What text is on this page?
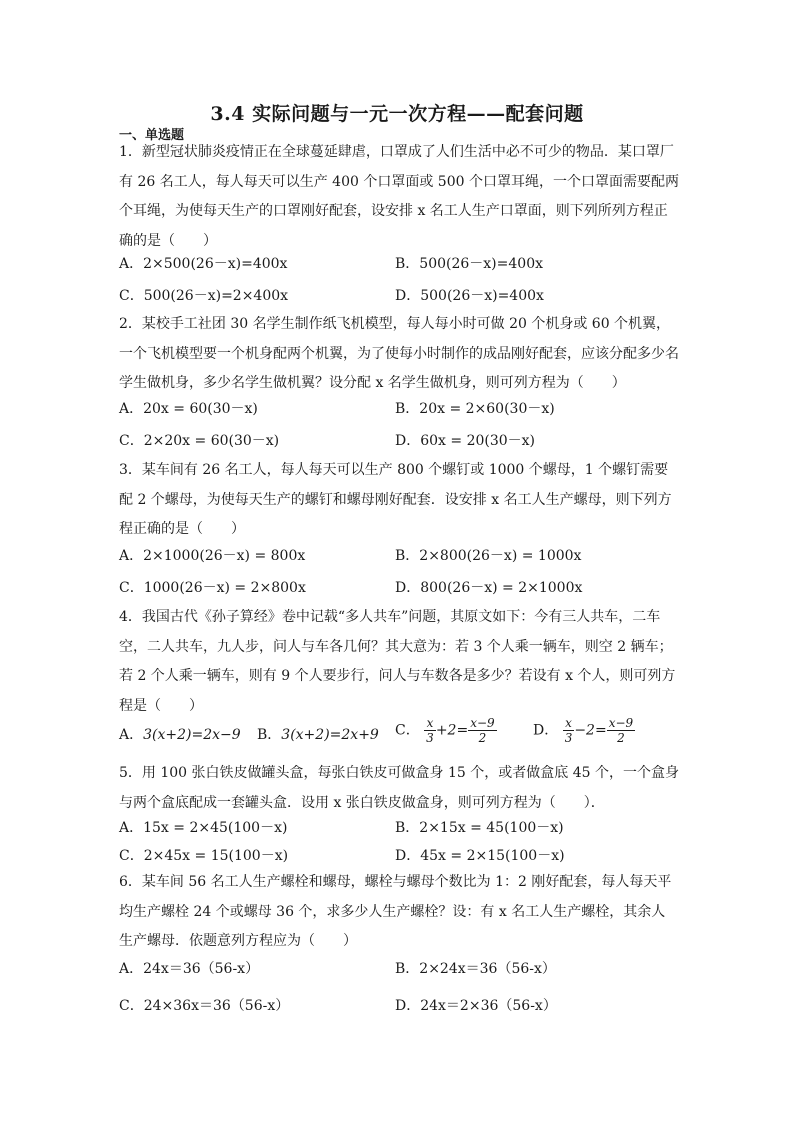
3.4 实际问题与一元一次方程——配套问题
一、单选题
1．新型冠状肺炎疫情正在全球蔓延肆虐，口罩成了人们生活中必不可少的物品．某口罩厂有 26 名工人，每人每天可以生产 400 个口罩面或 500 个口罩耳绳，一个口罩面需要配两个耳绳，为使每天生产的口罩刚好配套，设安排 x 名工人生产口罩面，则下列所列方程正确的是（　　）
A．2×500(26－x)=400x	B．500(26－x)=400x
C．500(26－x)=2×400x	D．500(26－x)=400x
2．某校手工社团 30 名学生制作纸飞机模型，每人每小时可做 20 个机身或 60 个机翼，一个飞机模型要一个机身配两个机翼，为了使每小时制作的成品刚好配套，应该分配多少名学生做机身，多少名学生做机翼？设分配 x 名学生做机身，则可列方程为（　　）
A．20x = 60(30－x)	B．20x = 2×60(30－x)
C．2×20x = 60(30－x)	D．60x = 20(30－x)
3．某车间有 26 名工人，每人每天可以生产 800 个螺钉或 1000 个螺母，1 个螺钉需要配 2 个螺母，为使每天生产的螺钉和螺母刚好配套．设安排 x 名工人生产螺母，则下列方程正确的是（　　）
A．2×1000(26－x) = 800x	B．2×800(26－x) = 1000x
C．1000(26－x) = 2×800x	D．800(26－x) = 2×1000x
4．我国古代《孙子算经》卷中记载“多人共车”问题，其原文如下：今有三人共车，二车空，二人共车，九人步，问人与车各几何？其大意为：若 3 个人乘一辆车，则空 2 辆车；若 2 个人乘一辆车，则有 9 个人要步行，问人与车数各是多少？若设有 x 个人，则可列方程是（　　）
A．3(x+2)=2x−9 B．3(x+2)=2x+9 C． $\frac{x}{3} +2= \frac{x-9}{2}$	D． $\frac{x}{3} -2= \frac{x-9}{2}$
5．用 100 张白铁皮做罐头盒，每张白铁皮可做盒身 15 个，或者做盒底 45 个，一个盒身与两个盒底配成一套罐头盒．设用 x 张白铁皮做盒身，则可列方程为（　　）．
A．15x = 2×45(100－x)	B．2×15x = 45(100－x)
C．2×45x = 15(100－x)	D．45x = 2×15(100－x)
6．某车间 56 名工人生产螺栓和螺母，螺栓与螺母个数比为 1：2 刚好配套，每人每天平均生产螺栓 24 个或螺母 36 个，求多少人生产螺栓？设：有 x 名工人生产螺栓，其余人生产螺母．依题意列方程应为（　　）
A．24x＝36（56-x）	B．2×24x＝36（56-x）
C．24×36x＝36（56-x）	D．24x＝2×36（56-x）
